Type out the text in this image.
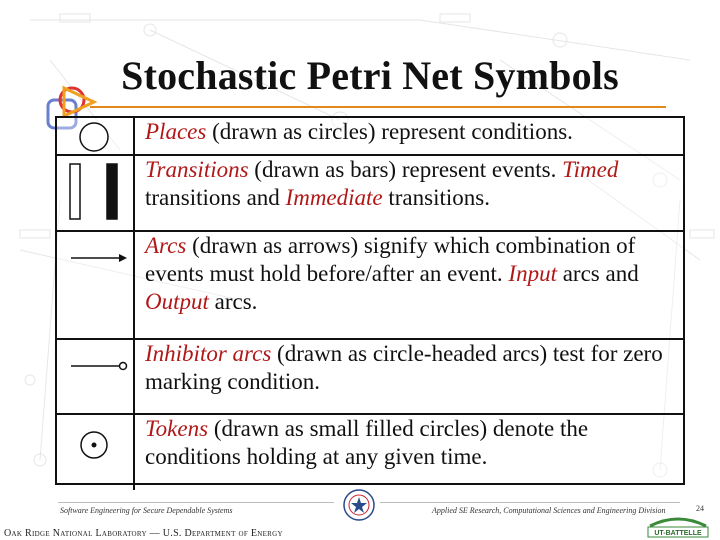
Stochastic Petri Net Symbols
Places (drawn as circles) represent conditions.
Transitions (drawn as bars) represent events. Timed transitions and Immediate transitions.
Arcs (drawn as arrows) signify which combination of events must hold before/after an event. Input arcs and Output arcs.
Inhibitor arcs (drawn as circle-headed arcs) test for zero marking condition.
Tokens (drawn as small filled circles) denote the conditions holding at any given time.
Software Engineering for Secure Dependable Systems	Applied SE Research, Computational Sciences and Engineering Division	24
Oak Ridge National Laboratory — U.S. Department of Energy	UT-BATTELLE
